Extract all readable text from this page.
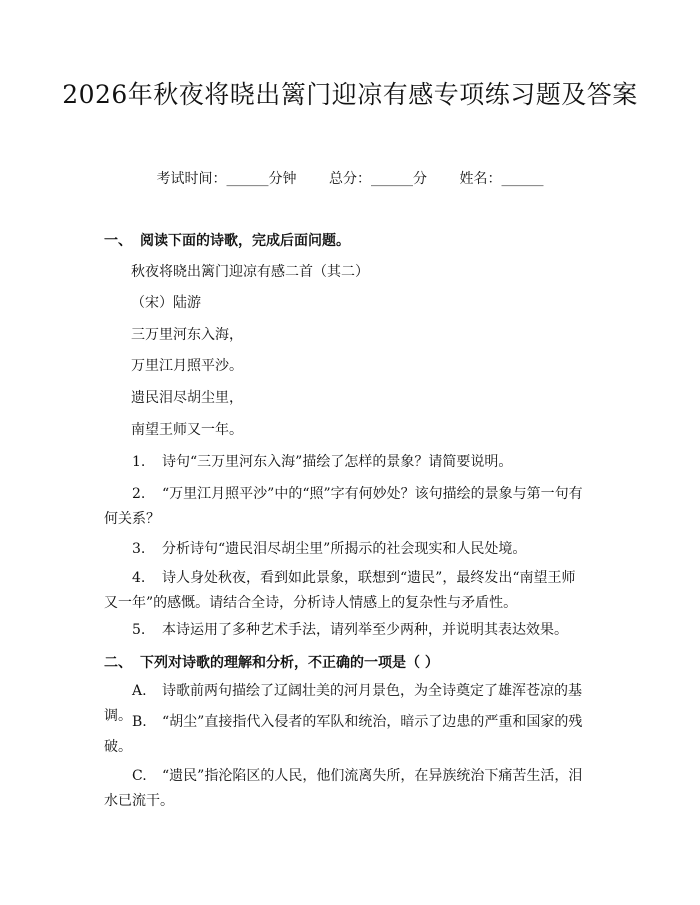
2026年秋夜将晓出篱门迎凉有感专项练习题及答案
考试时间：______分钟 总分：______分 姓名：______

一、 阅读下面的诗歌，完成后面问题。

秋夜将晓出篱门迎凉有感二首（其二）

（宋）陆游

三万里河东入海，

万里江月照平沙。

遗民泪尽胡尘里，

南望王师又一年。

1. 诗句“三万里河东入海”描绘了怎样的景象？请简要说明。

2. “万里江月照平沙”中的“照”字有何妙处？该句描绘的景象与第一句有何关系？

3. 分析诗句“遗民泪尽胡尘里”所揭示的社会现实和人民处境。

4. 诗人身处秋夜，看到如此景象，联想到“遗民”，最终发出“南望王师又一年”的感慨。请结合全诗，分析诗人情感上的复杂性与矛盾性。

5. 本诗运用了多种艺术手法，请列举至少两种，并说明其表达效果。

二、 下列对诗歌的理解和分析，不正确的一项是（ ）

A. 诗歌前两句描绘了辽阔壮美的河月景色，为全诗奠定了雄浑苍凉的基调。 B. “胡尘”直接指代入侵者的军队和统治，暗示了边患的严重和国家的残破。

C. “遗民”指沦陷区的人民，他们流离失所，在异族统治下痛苦生活，泪水已流干。
